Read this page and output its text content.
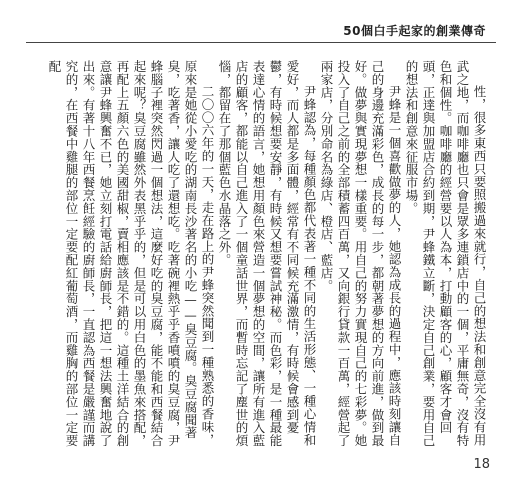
50個白手起家的創業傳奇

性，很多東西只要照搬過來就行，自己的想法和創意完全沒有用武之地，而咖啡廳也只會是眾多連鎖店中的一個，平庸無奇，沒有特色和個性。咖啡廳的經營要以人為本，打動顧客的心，顧客才會回頭，正達與加盟店合約到期，尹蜂鐵立斷，決定自己創業，要用自己的想法和創意來征服市場。

尹蜂是一個喜歡做夢的人，她認為成長的過程中，應該時刻讓自己的身邊充滿彩色，成長的每一步，都朝著夢想的方向前進，做到最好。做夢與實現夢想一樣重要。用自己的努力實現自己的七彩夢。她投入了自己之前的全部積蓄四百萬，又向銀行貸款一百萬，經營起了兩家店，分別命名為綠店、橙店、藍店。

尹蜂認為，每種顏色都代表著一種不同的生活形態、一種心情和愛好，而人都是多面體，經常有不同候充滿激情，有時候會感到憂鬱，有時候想要安靜，有時候又想要嘗試神秘。而色彩，是一種最能表達心情的語言，她想用顏色來營造一個夢想的空間，讓所有進入藍店的顧客，都能以自己進入了一個童話世界，而暫時忘記了塵世的煩惱，都留在了那個藍色水晶落之外。

二〇〇六年的一天，走在路上的尹蜂突然聞到一種熟悉的香味，原來是她從小愛吃的湖南長沙著名的小吃——臭豆腐。臭豆腐聞著臭，吃著香，讓人吃了還想吃。吃著碗裡熱乎乎香噴噴的臭豆腐，尹蜂腦子裡突然閃過一個想法，這麼好吃的臭豆腐，能不能和西餐結合起來呢？臭豆腐雖然外表黑乎乎的，但是可以用白色的墨魚來搭配，再配上五顏六色的美國甜椒，賣相應該是不錯的。這種土洋結合的創意讓尹蜂興奮不已，她立刻打電話給廚師長，把這一想法興奮地說了出來。有著十八年西餐烹飪經驗的廚師長，一直認為西餐是嚴謹而講究的，在西餐中雞腿的部位一定要配紅葡萄酒，而雞胸的部位一定要配

18
